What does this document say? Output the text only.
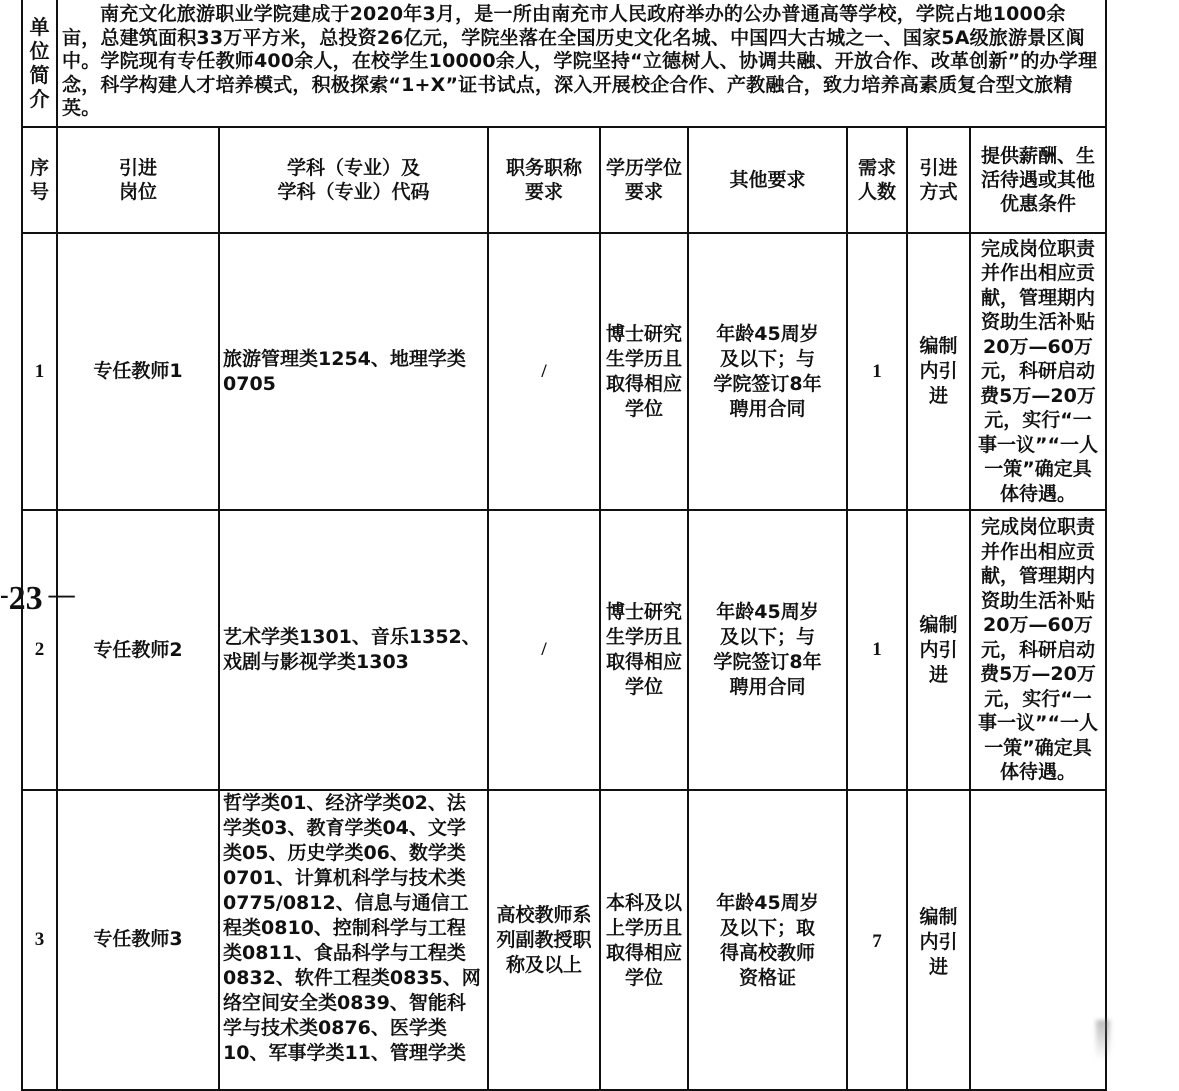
单位简介	南充文化旅游职业学院建成于2020年3月，是一所由南充市人民政府举办的公办普通高等学校，学院占地1000余亩，总建筑面积33万平方米，总投资26亿元，学院坐落在全国历史文化名城、中国四大古城之一、国家5A级旅游景区阆中。学院现有专任教师400余人，在校学生10000余人，学院坚持“立德树人、协调共融、开放合作、改革创新”的办学理念，科学构建人才培养模式，积极探索“1+X”证书试点，深入开展校企合作、产教融合，致力培养高素质复合型文旅精英。							

序号	引进岗位	学科（专业）及
学科（专业）代码	职务职称要求	学历学位要求	其他要求	需求人数	引进方式	提供薪酬、生活待遇或其他优惠条件

1	专任教师1	旅游管理类1254、地理学类0705	/	博士研究生学历且取得相应学位	年龄45周岁及以下；与学院签订8年聘用合同	1	编制内引进	完成岗位职责并作出相应贡献，管理期内资助生活补贴20万—60万元，科研启动费5万—20万元，实行“一事一议”“一人一策”确定具体待遇。
2	专任教师2	艺术学类1301、音乐1352、戏剧与影视学类1303	/	博士研究生学历且取得相应学位	年龄45周岁及以下；与学院签订8年聘用合同	1	编制内引进	完成岗位职责并作出相应贡献，管理期内资助生活补贴20万—60万元，科研启动费5万—20万元，实行“一事一议”“一人一策”确定具体待遇。
3	专任教师3	哲学类01、经济学类02、法学类03、教育学类04、文学类05、历史学类06、数学类0701、计算机科学与技术类0775/0812、信息与通信工程类0810、控制科学与工程类0811、食品科学与工程类0832、软件工程类0835、网络空间安全类0839、智能科学与技术类0876、医学类10、军事学类11、管理学类	高校教师系列副教授职称及以上	本科及以上学历且取得相应学位	年龄45周岁及以下；取得高校教师资格证	7	编制内引进	

-23 —
